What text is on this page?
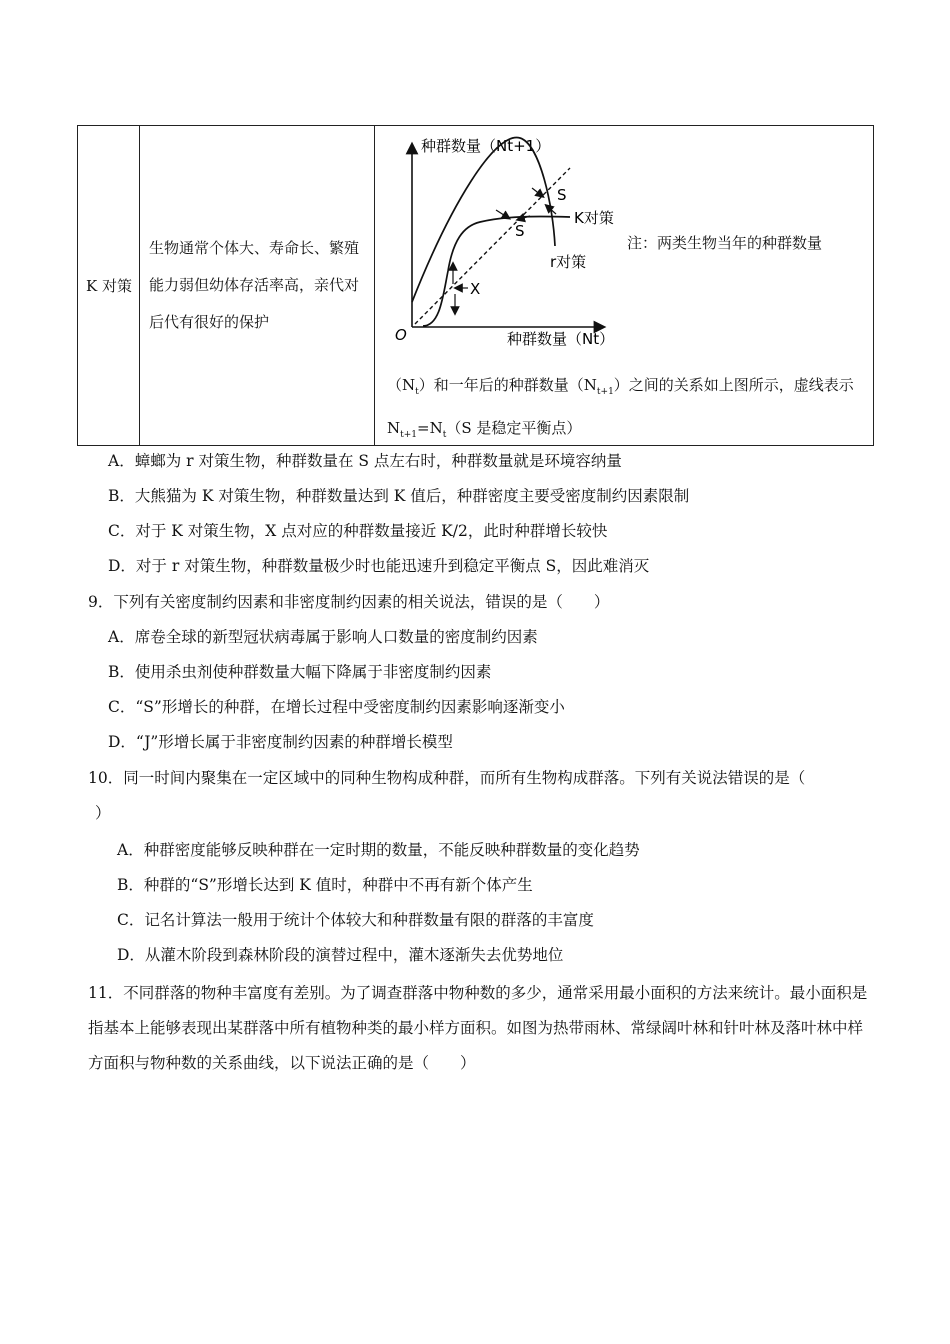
K 对策	生物通常个体大、寿命长、繁殖能力弱但幼体存活率高，亲代对后代有很好的保护	
种群数量（Nt+1）
种群数量（Nt）
O
S
S
X
K对策
r对策
注：两类生物当年的种群数量
$(N_t)$和一年后的种群数量$(N_{t+1})$之间的关系如上图所示，虚线表示 $N_{t+1}=N_t(S$ 是稳定平衡点）
A．蟑螂为 r 对策生物，种群数量在 S 点左右时，种群数量就是环境容纳量
B．大熊猫为 K 对策生物，种群数量达到 K 值后，种群密度主要受密度制约因素限制
C．对于 K 对策生物，X 点对应的种群数量接近 K/2，此时种群增长较快
D．对于 r 对策生物，种群数量极少时也能迅速升到稳定平衡点 S，因此难消灭
9．下列有关密度制约因素和非密度制约因素的相关说法，错误的是（　　）
A．席卷全球的新型冠状病毒属于影响人口数量的密度制约因素
B．使用杀虫剂使种群数量大幅下降属于非密度制约因素
C．“S”形增长的种群，在增长过程中受密度制约因素影响逐渐变小
D．“J”形增长属于非密度制约因素的种群增长模型
10．同一时间内聚集在一定区域中的同种生物构成种群，而所有生物构成群落。下列有关说法错误的是（
）
A．种群密度能够反映种群在一定时期的数量，不能反映种群数量的变化趋势
B．种群的“S”形增长达到 K 值时，种群中不再有新个体产生
C．记名计算法一般用于统计个体较大和种群数量有限的群落的丰富度
D．从灌木阶段到森林阶段的演替过程中，灌木逐渐失去优势地位
11．不同群落的物种丰富度有差别。为了调查群落中物种数的多少，通常采用最小面积的方法来统计。最小面积是指基本上能够表现出某群落中所有植物种类的最小样方面积。如图为热带雨林、常绿阔叶林和针叶林及落叶林中样方面积与物种数的关系曲线，以下说法正确的是（　　）
